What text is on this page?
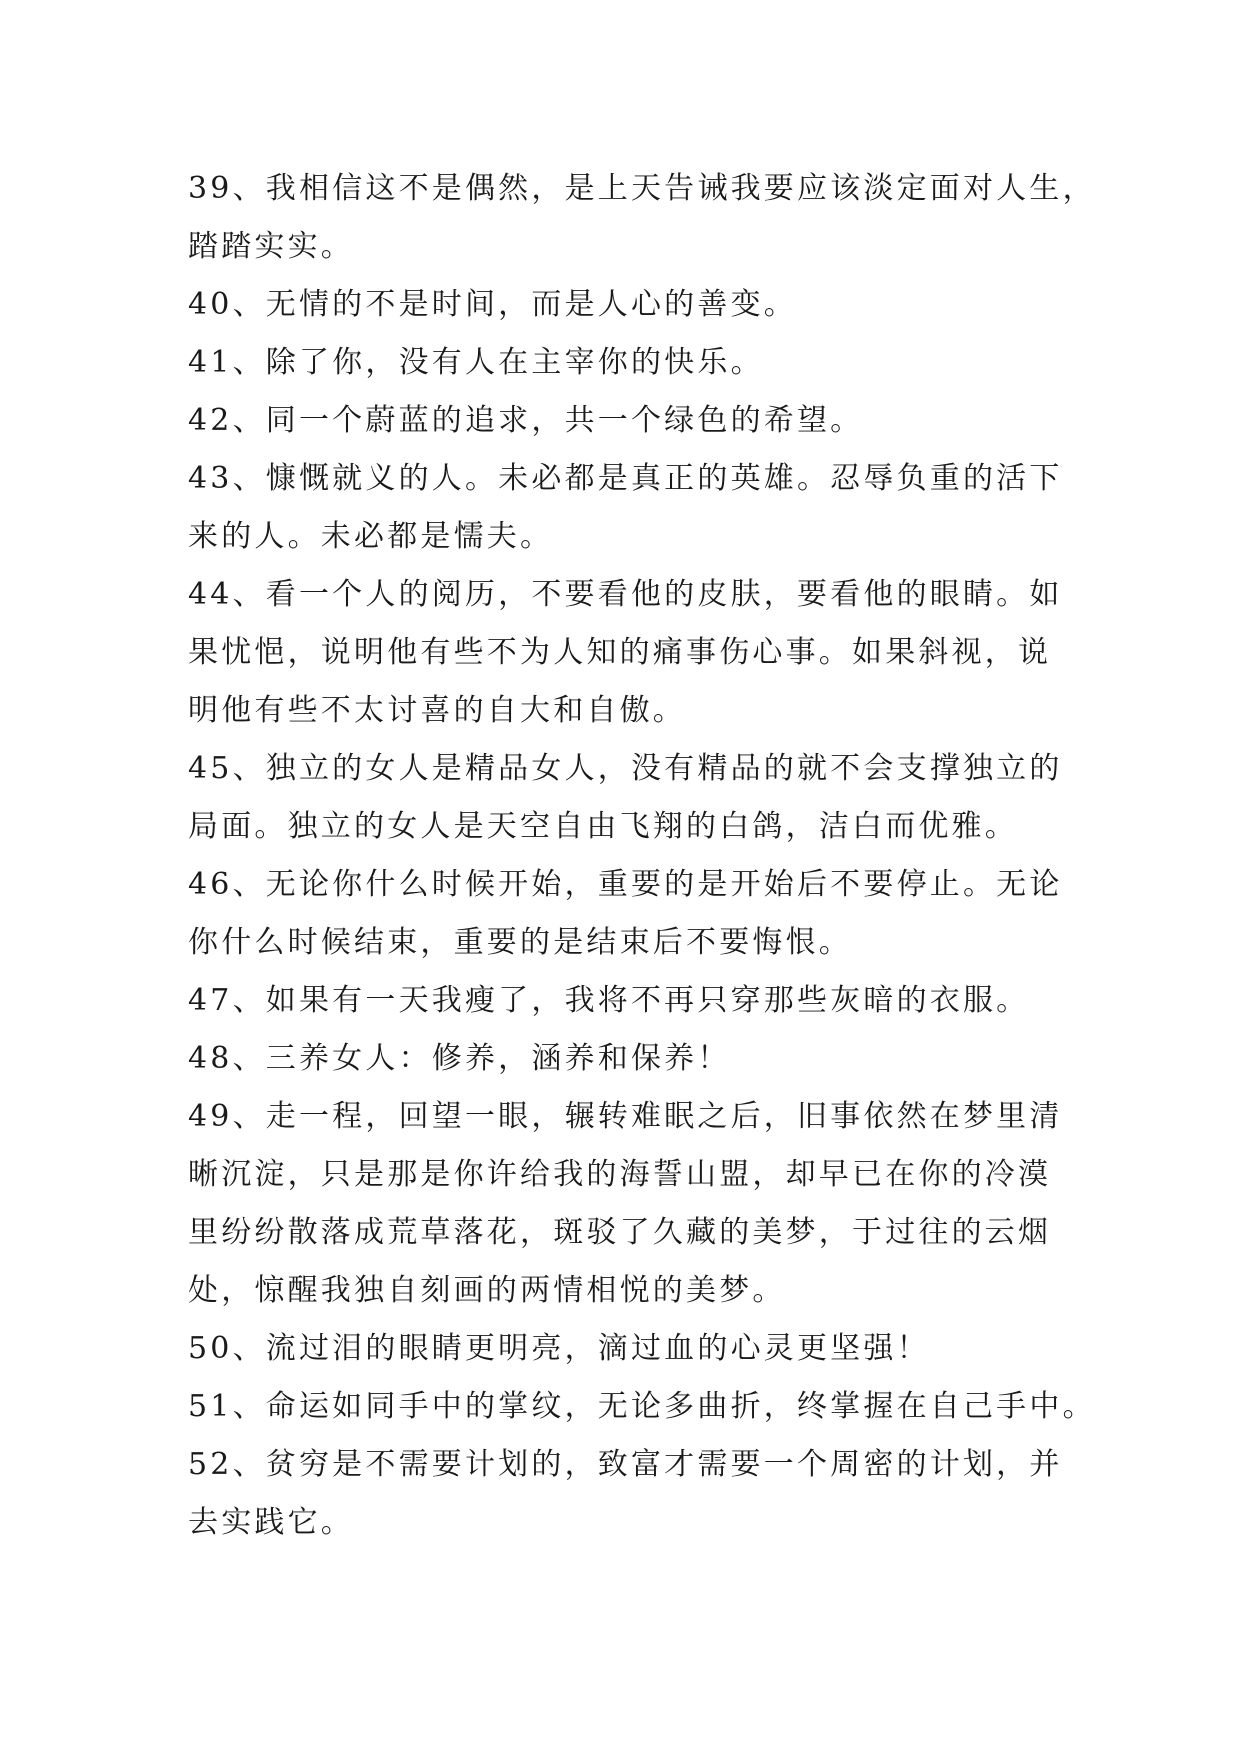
39、我相信这不是偶然，是上天告诫我要应该淡定面对人生，
踏踏实实。
40、无情的不是时间，而是人心的善变。
41、除了你，没有人在主宰你的快乐。
42、同一个蔚蓝的追求，共一个绿色的希望。
43、慷慨就义的人。未必都是真正的英雄。忍辱负重的活下
来的人。未必都是懦夫。
44、看一个人的阅历，不要看他的皮肤，要看他的眼睛。如
果忧悒，说明他有些不为人知的痛事伤心事。如果斜视，说
明他有些不太讨喜的自大和自傲。
45、独立的女人是精品女人，没有精品的就不会支撑独立的
局面。独立的女人是天空自由飞翔的白鸽，洁白而优雅。
46、无论你什么时候开始，重要的是开始后不要停止。无论
你什么时候结束，重要的是结束后不要悔恨。
47、如果有一天我瘦了，我将不再只穿那些灰暗的衣服。
48、三养女人：修养，涵养和保养！
49、走一程，回望一眼，辗转难眠之后，旧事依然在梦里清
晰沉淀，只是那是你许给我的海誓山盟，却早已在你的冷漠
里纷纷散落成荒草落花，斑驳了久藏的美梦，于过往的云烟
处，惊醒我独自刻画的两情相悦的美梦。
50、流过泪的眼睛更明亮，滴过血的心灵更坚强！
51、命运如同手中的掌纹，无论多曲折，终掌握在自己手中。
52、贫穷是不需要计划的，致富才需要一个周密的计划，并
去实践它。
